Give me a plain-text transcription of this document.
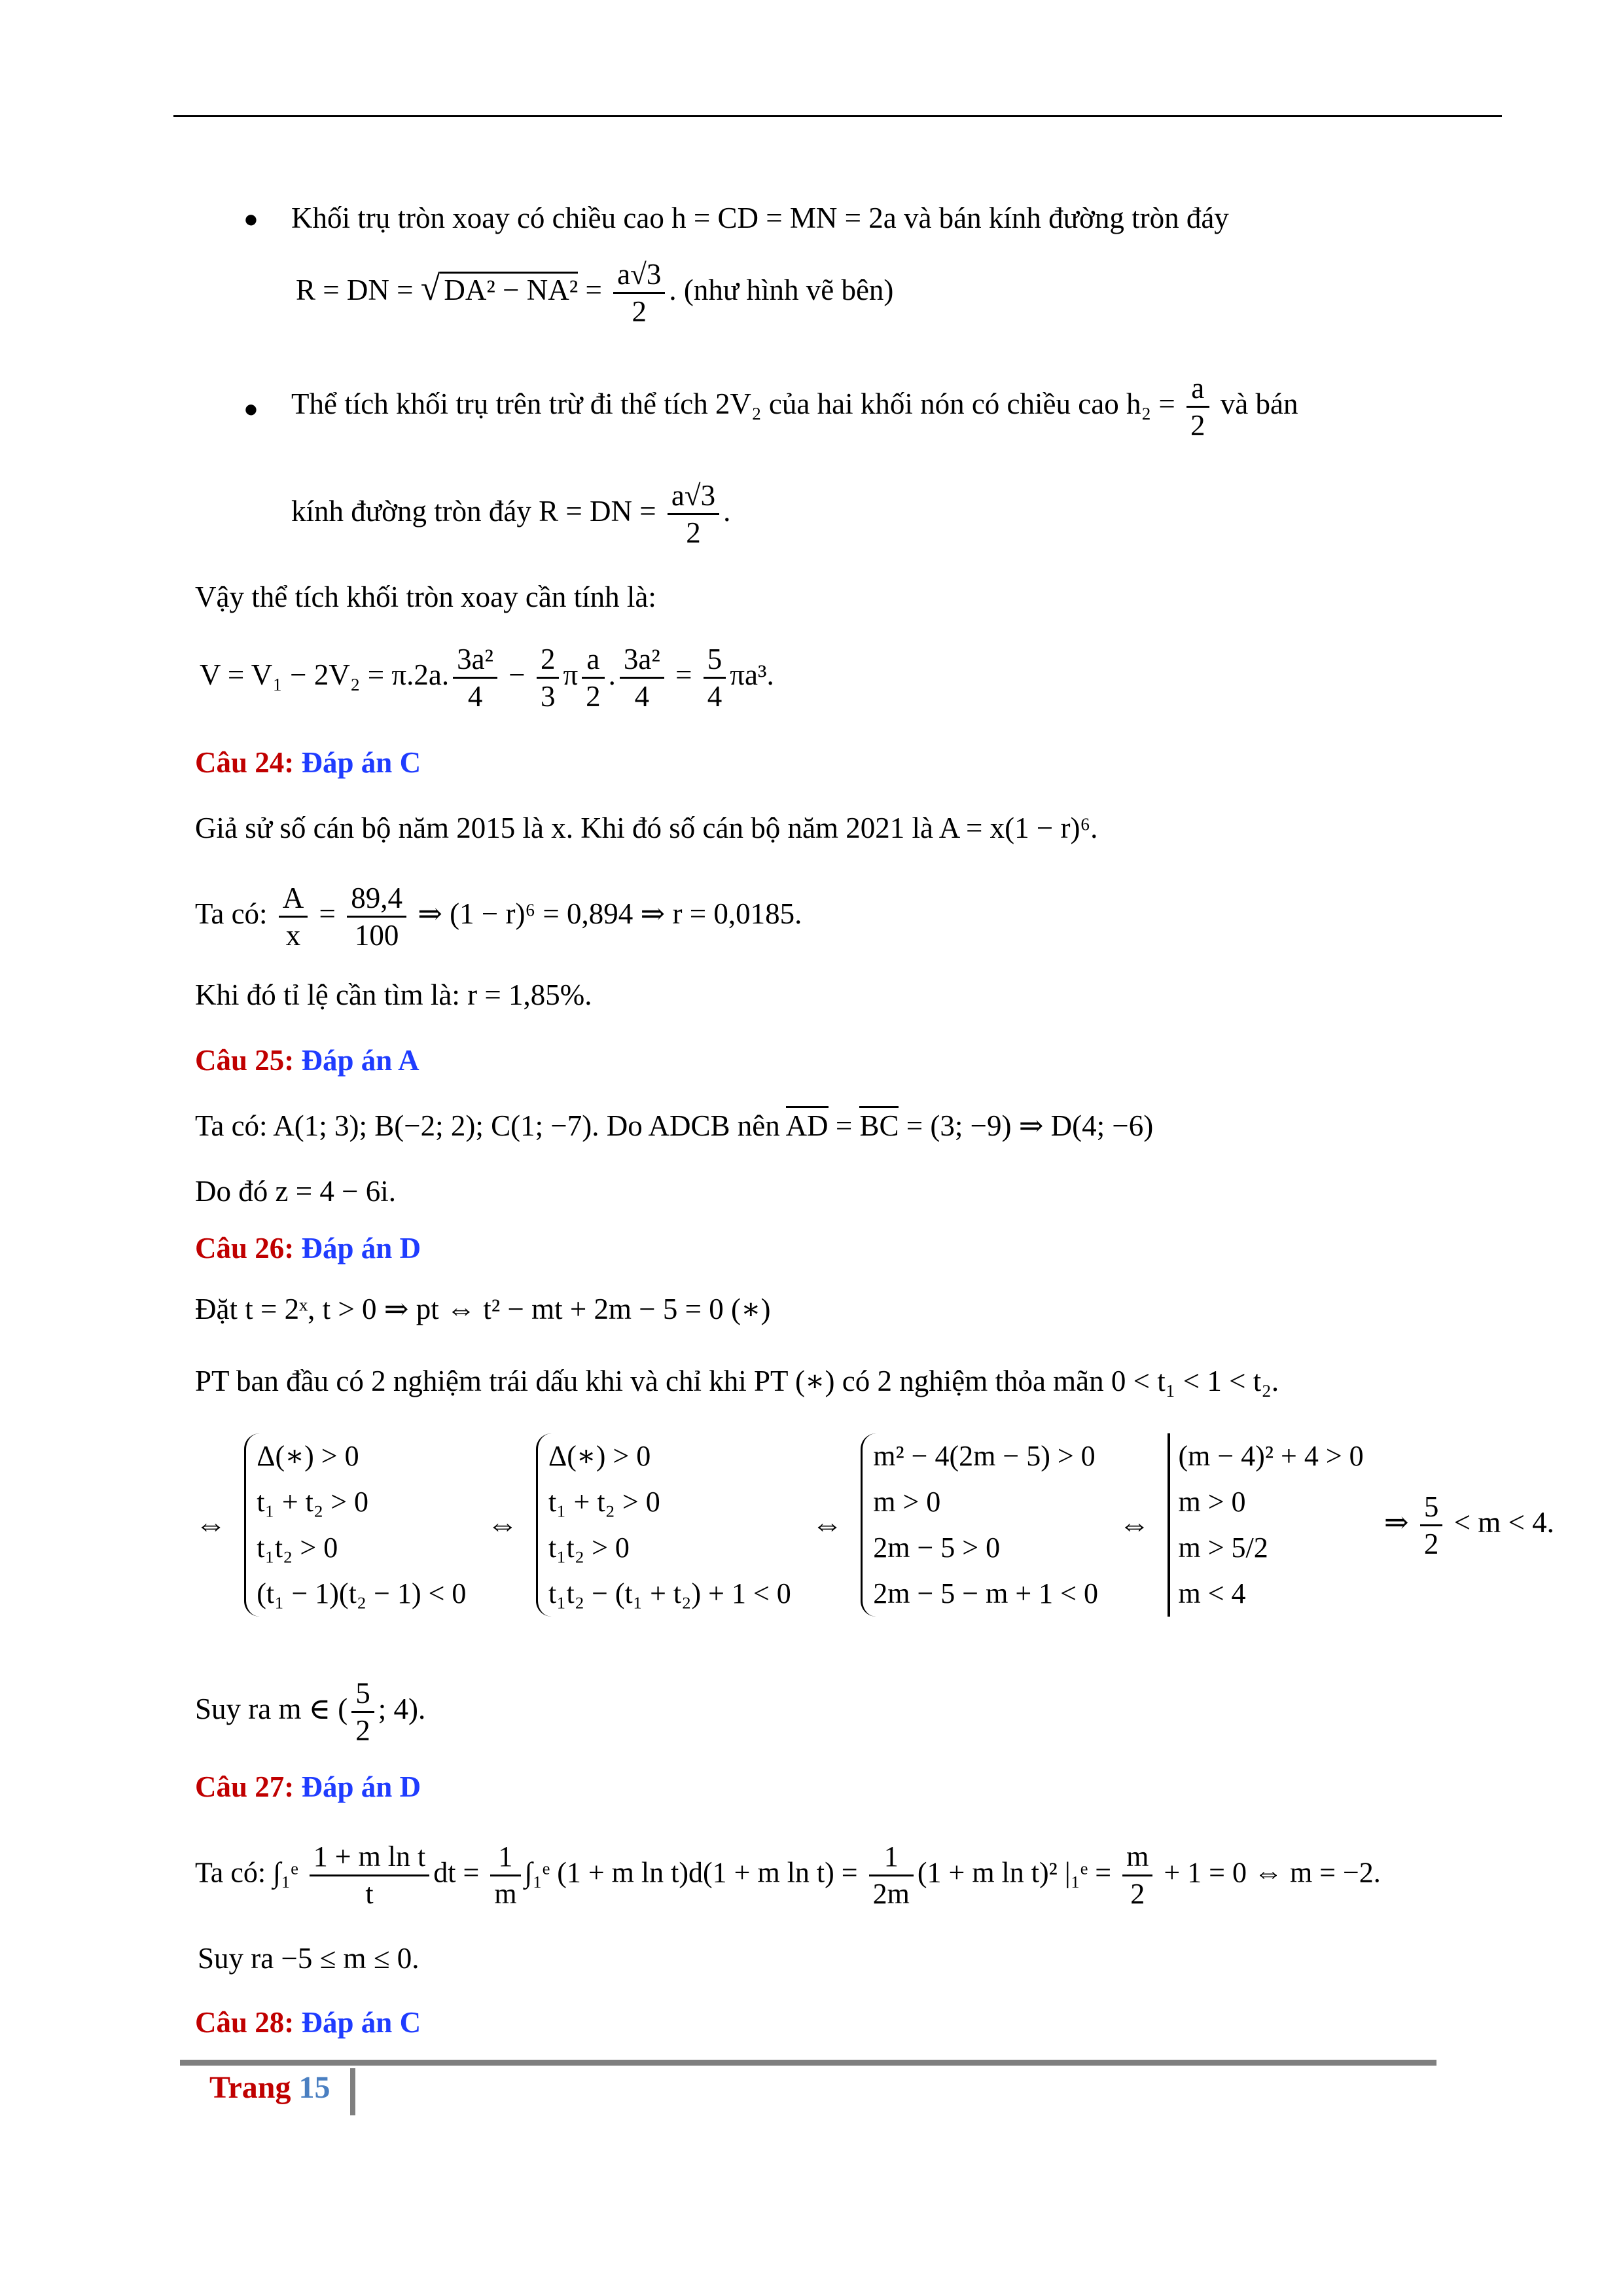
● Khối trụ tròn xoay có chiều cao h = CD = MN = 2a và bán kính đường tròn đáy
R = DN = √ $DA^2 - NA^2 = \frac{a√3}{2}$ . (như hình vẽ bên)
● Thể tích khối trụ trên trừ đi thể tích 2V₂ của hai khối nón có chiều cao $h_2 = \frac{a}{2}$ và bán
kính đường tròn đáy R = DN = $\frac{a√3}{2}$ .
Vậy thể tích khối tròn xoay cần tính là:
V = V₁ − 2V₂ = π.2a. $\frac{\text{3a²}}{4} - \frac{2}{3}$ π $\frac{a}{2}$ . $\frac{\text{3a²}}{4} = \frac{5}{4} \pi a^3$.
Câu 24: Đáp án C
Giả sử số cán bộ năm 2015 là x. Khi đó số cán bộ năm 2021 là A = x(1 − r)⁶.
Ta có: $\frac{A}{x} = \frac{89,4}{100}$ ⇒ (1 − r)⁶ = 0,894 ⇒ r = 0,0185.
Khi đó tỉ lệ cần tìm là: r = 1,85%.
Câu 25: Đáp án A
Ta có: A(1; 3); B(−2; 2); C(1; −7). Do ADCB nên AD = BC = (3; −9) ⇒ D(4; −6)
Do đó z = 4 − 6i.
Câu 26: Đáp án D
Đặt t = 2ˣ, t > 0 ⇒ pt ⇔ t² − mt + 2m − 5 = 0 (∗)
PT ban đầu có 2 nghiệm trái dấu khi và chỉ khi PT (∗) có 2 nghiệm thỏa mãn 0 < t₁ < 1 < t₂.
⇔
Δ(∗) > 0
t₁ + t₂ > 0
t₁t₂ > 0
(t₁ − 1)(t₂ − 1) < 0
⇔
Δ(∗) > 0
t₁ + t₂ > 0
t₁t₂ > 0
t₁t₂ − (t₁ + t₂) + 1 < 0
⇔
m² − 4(2m − 5) > 0
m > 0
2m − 5 > 0
2m − 5 − m + 1 < 0
⇔
(m − 4)² + 4 > 0
m > 0
m > 5/2
m < 4
⇒ $\frac{5}{2} < m < 4$.
Suy ra m ∈ ( $\frac{5}{2}$ ; 4).
Câu 27: Đáp án D
Ta có: ∫₁ᵉ $\frac{\text{1 + m ln t}}{t}$ dt = $\frac{1}{m}$ ∫₁ᵉ (1 + m ln t)d(1 + m $\ln t) = \frac{1}{2m} (1 + m$ ln t)² |₁ᵉ = $\frac{m}{2} + 1 = 0$ ⇔ m = −2.
Suy ra −5 ≤ m ≤ 0.
Câu 28: Đáp án C
Trang 15
